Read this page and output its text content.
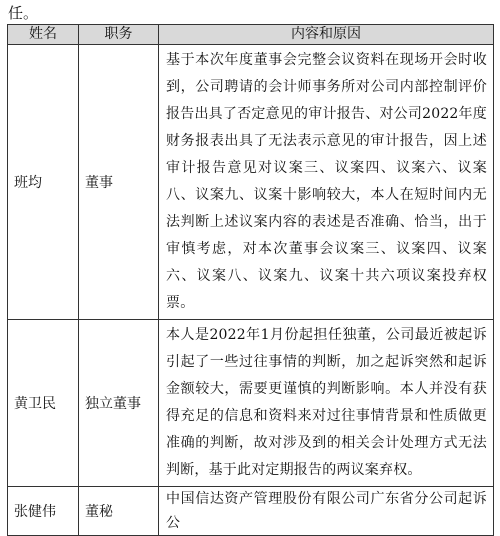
任。
姓名	职务	内容和原因
班均	董事	基于本次年度董事会完整会议资料在现场开会时收到，公司聘请的会计师事务所对公司内部控制评价报告出具了否定意见的审计报告、对公司2022年度财务报表出具了无法表示意见的审计报告，因上述审计报告意见对议案三、议案四、议案六、议案八、议案九、议案十影响较大，本人在短时间内无法判断上述议案内容的表述是否准确、恰当，出于审慎考虑，对本次董事会议案三、议案四、议案六、议案八、议案九、议案十共六项议案投弃权票。
黄卫民	独立董事	本人是2022年1月份起担任独董，公司最近被起诉引起了一些过往事情的判断，加之起诉突然和起诉金额较大，需要更谨慎的判断影响。本人并没有获得充足的信息和资料来对过往事情背景和性质做更准确的判断，故对涉及到的相关会计处理方式无法判断，基于此对定期报告的两议案弃权。
张健伟	董秘	中国信达资产管理股份有限公司广东省分公司起诉公
